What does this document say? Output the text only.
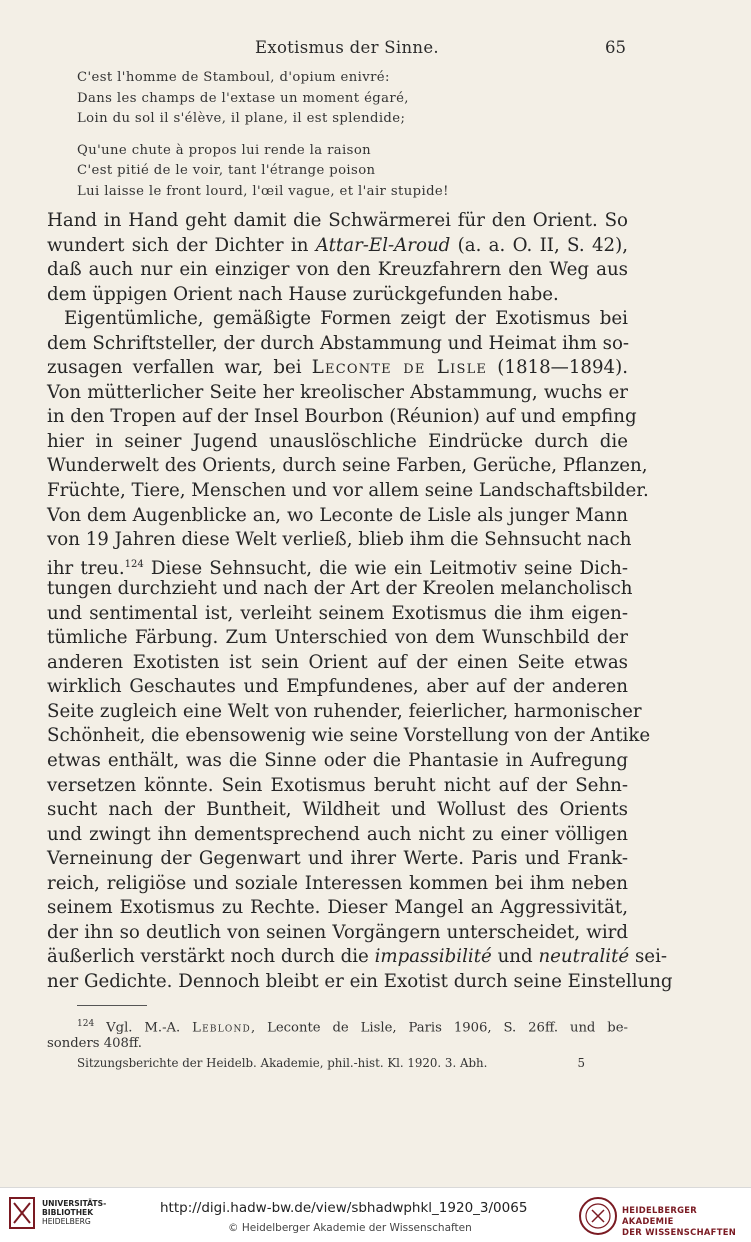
Exotismus der Sinne.	65
C'est l'homme de Stamboul, d'opium enivré:
Dans les champs de l'extase un moment égaré,
Loin du sol il s'élève, il plane, il est splendide;
Qu'une chute à propos lui rende la raison
C'est pitié de le voir, tant l'étrange poison
Lui laisse le front lourd, l'œil vague, et l'air stupide!
Hand in Hand geht damit die Schwärmerei für den Orient. So
wundert sich der Dichter in Attar-El-Aroud (a. a. O. II, S. 42),
daß auch nur ein einziger von den Kreuzfahrern den Weg aus
dem üppigen Orient nach Hause zurückgefunden habe.
Eigentümliche, gemäßigte Formen zeigt der Exotismus bei
dem Schriftsteller, der durch Abstammung und Heimat ihm so-
zusagen verfallen war, bei Leconte de Lisle (1818—1894).
Von mütterlicher Seite her kreolischer Abstammung, wuchs er
in den Tropen auf der Insel Bourbon (Réunion) auf und empfing
hier in seiner Jugend unauslöschliche Eindrücke durch die
Wunderwelt des Orients, durch seine Farben, Gerüche, Pflanzen,
Früchte, Tiere, Menschen und vor allem seine Landschaftsbilder.
Von dem Augenblicke an, wo Leconte de Lisle als junger Mann
von 19 Jahren diese Welt verließ, blieb ihm die Sehnsucht nach
ihr treu.$^{124}$ Diese Sehnsucht, die wie ein Leitmotiv seine Dich-
tungen durchzieht und nach der Art der Kreolen melancholisch
und sentimental ist, verleiht seinem Exotismus die ihm eigen-
tümliche Färbung. Zum Unterschied von dem Wunschbild der
anderen Exotisten ist sein Orient auf der einen Seite etwas
wirklich Geschautes und Empfundenes, aber auf der anderen
Seite zugleich eine Welt von ruhender, feierlicher, harmonischer
Schönheit, die ebensowenig wie seine Vorstellung von der Antike
etwas enthält, was die Sinne oder die Phantasie in Aufregung
versetzen könnte. Sein Exotismus beruht nicht auf der Sehn-
sucht nach der Buntheit, Wildheit und Wollust des Orients
und zwingt ihn dementsprechend auch nicht zu einer völligen
Verneinung der Gegenwart und ihrer Werte. Paris und Frank-
reich, religiöse und soziale Interessen kommen bei ihm neben
seinem Exotismus zu Rechte. Dieser Mangel an Aggressivität,
der ihn so deutlich von seinen Vorgängern unterscheidet, wird
äußerlich verstärkt noch durch die impassibilité und neutralité sei-
ner Gedichte. Dennoch bleibt er ein Exotist durch seine Einstellung
$^{124}$ Vgl. M.-A. Leblond, Leconte de Lisle, Paris 1906, S. 26ff. und be-
sonders 408ff.
Sitzungsberichte der Heidelb. Akademie, phil.-hist. Kl. 1920. 3. Abh.	5
UNIVERSITÄTS-
BIBLIOTHEK
HEIDELBERG
http://digi.hadw-bw.de/view/sbhadwphkl_1920_3/0065
© Heidelberger Akademie der Wissenschaften
HEIDELBERGER AKADEMIE
DER WISSENSCHAFTEN
